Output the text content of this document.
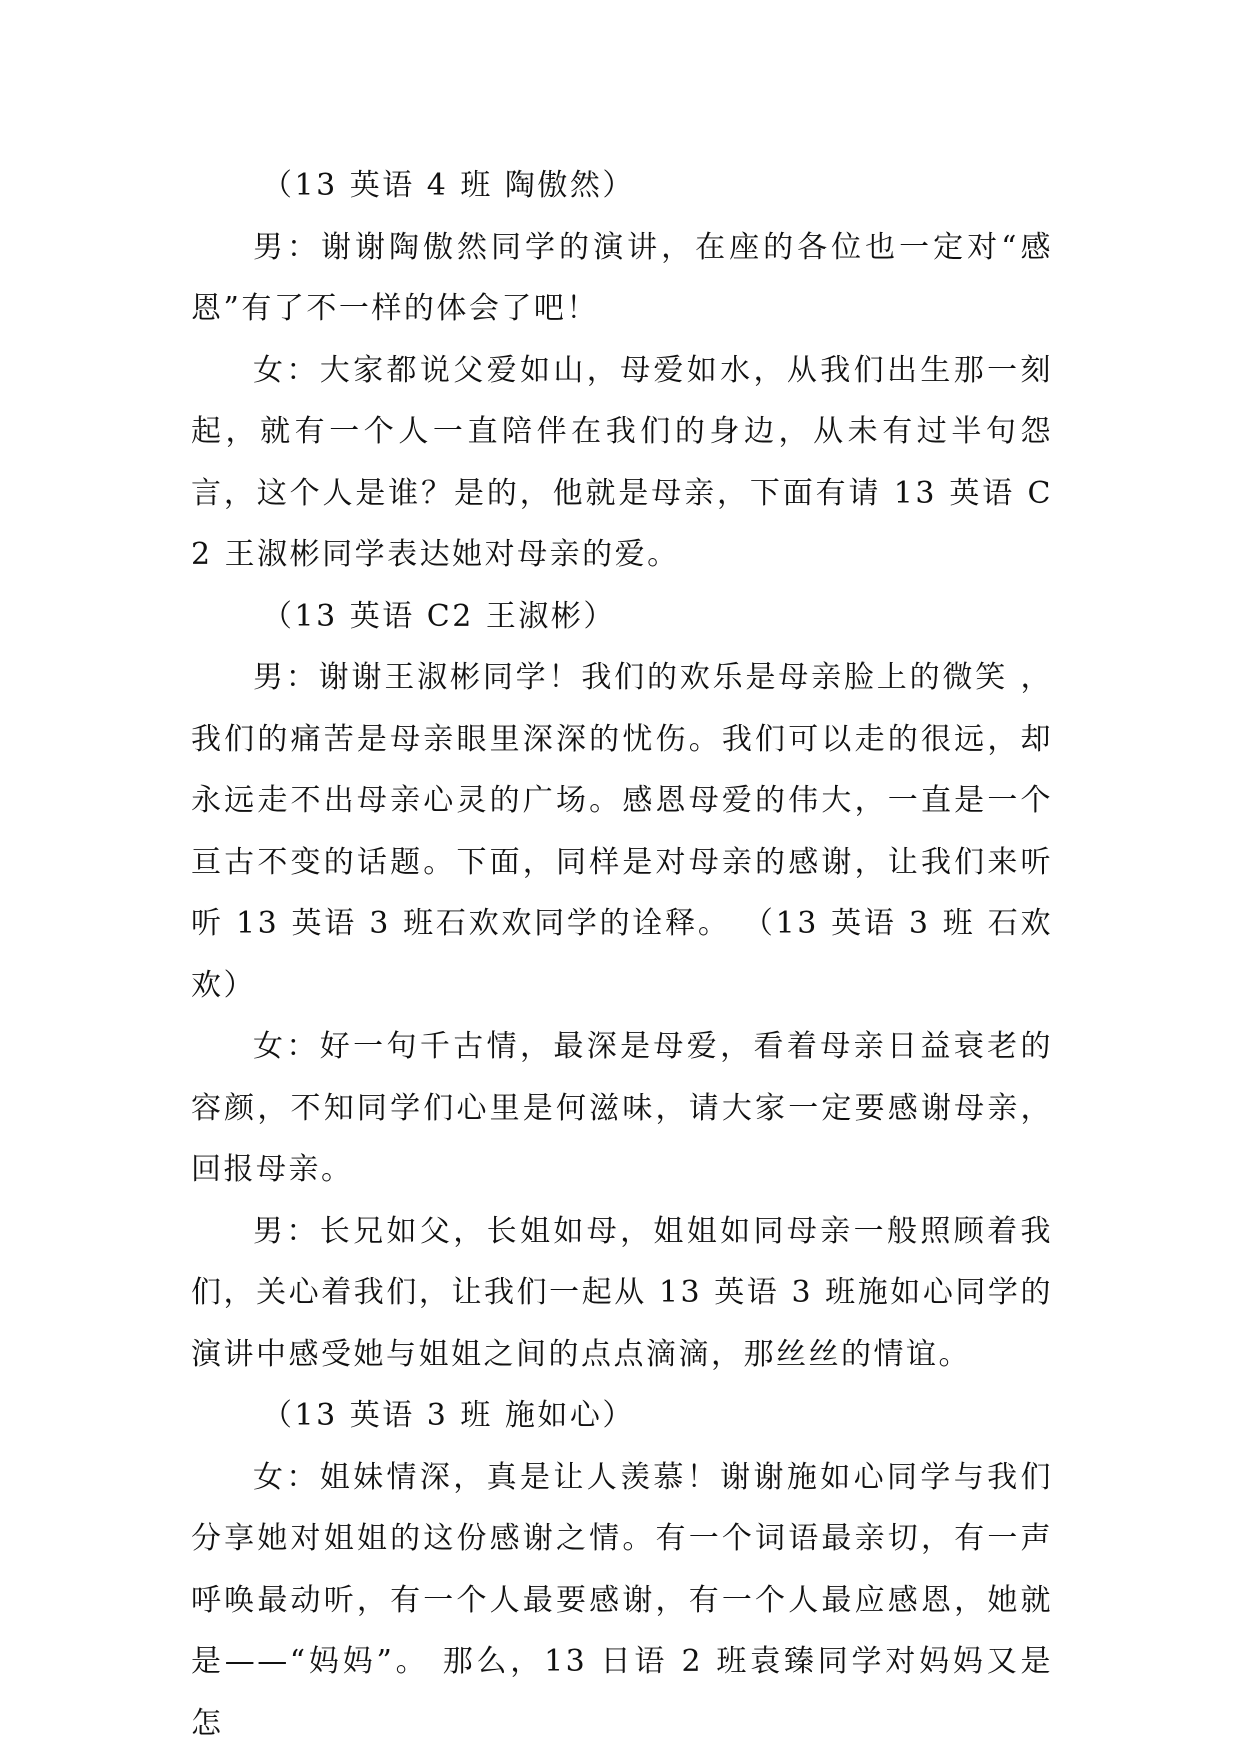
（13 英语 4 班 陶傲然）

男：谢谢陶傲然同学的演讲，在座的各位也一定对“感恩”有了不一样的体会了吧！

女：大家都说父爱如山，母爱如水，从我们出生那一刻起，就有一个人一直陪伴在我们的身边，从未有过半句怨言，这个人是谁？是的，他就是母亲，下面有请 13 英语 C2 王淑彬同学表达她对母亲的爱。

（13 英语 C2 王淑彬）

男：谢谢王淑彬同学！我们的欢乐是母亲脸上的微笑 ，我们的痛苦是母亲眼里深深的忧伤。我们可以走的很远，却永远走不出母亲心灵的广场。感恩母爱的伟大，一直是一个亘古不变的话题。下面，同样是对母亲的感谢，让我们来听听 13 英语 3 班石欢欢同学的诠释。 （13 英语 3 班 石欢欢）

女：好一句千古情，最深是母爱，看着母亲日益衰老的容颜，不知同学们心里是何滋味，请大家一定要感谢母亲，回报母亲。

男：长兄如父，长姐如母，姐姐如同母亲一般照顾着我们，关心着我们，让我们一起从 13 英语 3 班施如心同学的演讲中感受她与姐姐之间的点点滴滴，那丝丝的情谊。

（13 英语 3 班 施如心）

女：姐妹情深，真是让人羡慕！谢谢施如心同学与我们分享她对姐姐的这份感谢之情。有一个词语最亲切，有一声呼唤最动听，有一个人最要感谢，有一个人最应感恩，她就是——“妈妈”。 那么，13 日语 2 班袁臻同学对妈妈又是怎
